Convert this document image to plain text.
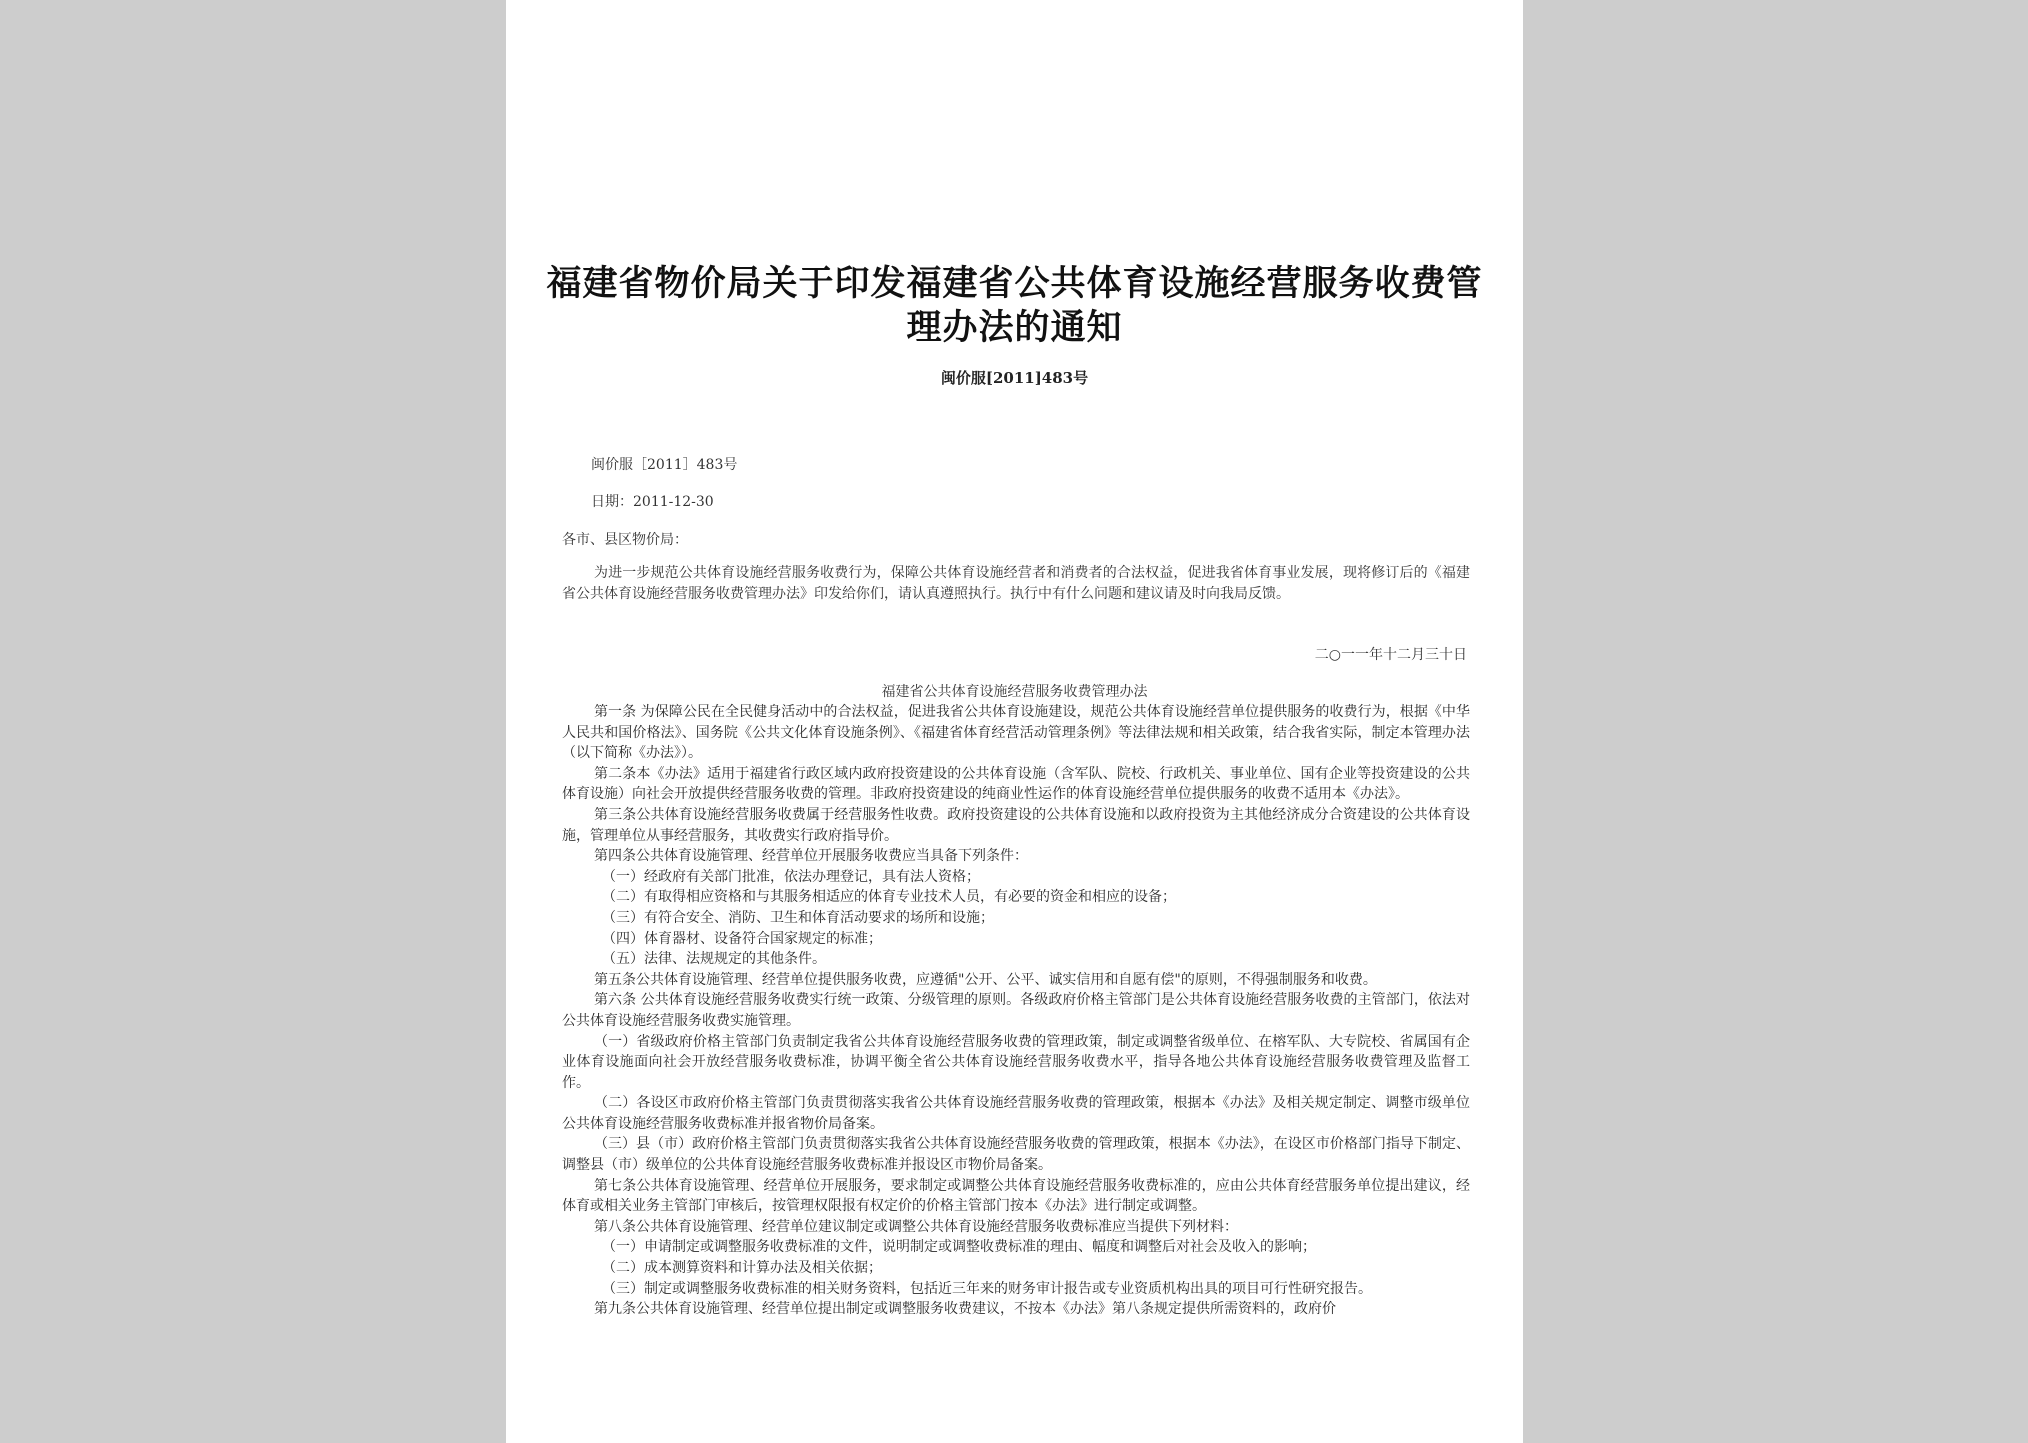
福建省物价局关于印发福建省公共体育设施经营服务收费管理办法的通知
闽价服[2011]483号
闽价服［2011］483号
日期：2011-12-30
各市、县区物价局：
为进一步规范公共体育设施经营服务收费行为，保障公共体育设施经营者和消费者的合法权益，促进我省体育事业发展，现将修订后的《福建省公共体育设施经营服务收费管理办法》印发给你们，请认真遵照执行。执行中有什么问题和建议请及时向我局反馈。
二○一一年十二月三十日
福建省公共体育设施经营服务收费管理办法

第一条 为保障公民在全民健身活动中的合法权益，促进我省公共体育设施建设，规范公共体育设施经营单位提供服务的收费行为，根据《中华人民共和国价格法》、国务院《公共文化体育设施条例》、《福建省体育经营活动管理条例》等法律法规和相关政策，结合我省实际，制定本管理办法（以下简称《办法》）。

第二条本《办法》适用于福建省行政区域内政府投资建设的公共体育设施（含军队、院校、行政机关、事业单位、国有企业等投资建设的公共体育设施）向社会开放提供经营服务收费的管理。非政府投资建设的纯商业性运作的体育设施经营单位提供服务的收费不适用本《办法》。

第三条公共体育设施经营服务收费属于经营服务性收费。政府投资建设的公共体育设施和以政府投资为主其他经济成分合资建设的公共体育设施，管理单位从事经营服务，其收费实行政府指导价。

第四条公共体育设施管理、经营单位开展服务收费应当具备下列条件：

（一）经政府有关部门批准，依法办理登记，具有法人资格；

（二）有取得相应资格和与其服务相适应的体育专业技术人员，有必要的资金和相应的设备；

（三）有符合安全、消防、卫生和体育活动要求的场所和设施；

（四）体育器材、设备符合国家规定的标准；

（五）法律、法规规定的其他条件。

第五条公共体育设施管理、经营单位提供服务收费，应遵循"公开、公平、诚实信用和自愿有偿"的原则，不得强制服务和收费。

第六条 公共体育设施经营服务收费实行统一政策、分级管理的原则。各级政府价格主管部门是公共体育设施经营服务收费的主管部门，依法对公共体育设施经营服务收费实施管理。

（一）省级政府价格主管部门负责制定我省公共体育设施经营服务收费的管理政策，制定或调整省级单位、在榕军队、大专院校、省属国有企业体育设施面向社会开放经营服务收费标准，协调平衡全省公共体育设施经营服务收费水平，指导各地公共体育设施经营服务收费管理及监督工作。

（二）各设区市政府价格主管部门负责贯彻落实我省公共体育设施经营服务收费的管理政策，根据本《办法》及相关规定制定、调整市级单位公共体育设施经营服务收费标准并报省物价局备案。

（三）县（市）政府价格主管部门负责贯彻落实我省公共体育设施经营服务收费的管理政策，根据本《办法》，在设区市价格部门指导下制定、调整县（市）级单位的公共体育设施经营服务收费标准并报设区市物价局备案。

第七条公共体育设施管理、经营单位开展服务，要求制定或调整公共体育设施经营服务收费标准的，应由公共体育经营服务单位提出建议，经体育或相关业务主管部门审核后，按管理权限报有权定价的价格主管部门按本《办法》进行制定或调整。

第八条公共体育设施管理、经营单位建议制定或调整公共体育设施经营服务收费标准应当提供下列材料：

（一）申请制定或调整服务收费标准的文件，说明制定或调整收费标准的理由、幅度和调整后对社会及收入的影响；

（二）成本测算资料和计算办法及相关依据；

（三）制定或调整服务收费标准的相关财务资料，包括近三年来的财务审计报告或专业资质机构出具的项目可行性研究报告。

第九条公共体育设施管理、经营单位提出制定或调整服务收费建议，不按本《办法》第八条规定提供所需资料的，政府价
